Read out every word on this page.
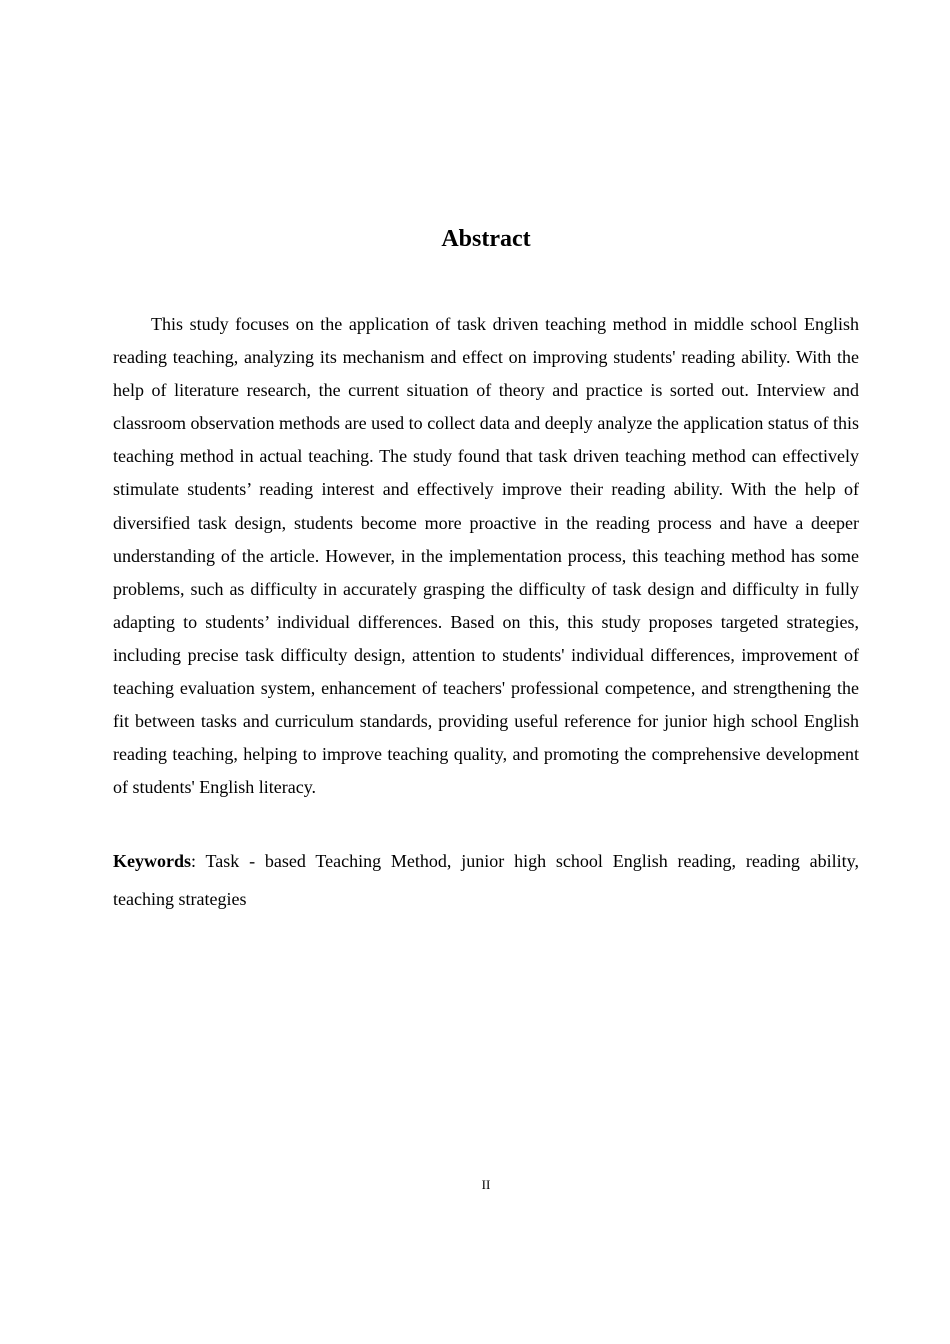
Abstract

This study focuses on the application of task driven teaching method in middle school English reading teaching, analyzing its mechanism and effect on improving students' reading ability. With the help of literature research, the current situation of theory and practice is sorted out. Interview and classroom observation methods are used to collect data and deeply analyze the application status of this teaching method in actual teaching. The study found that task driven teaching method can effectively stimulate students’ reading interest and effectively improve their reading ability. With the help of diversified task design, students become more proactive in the reading process and have a deeper understanding of the article. However, in the implementation process, this teaching method has some problems, such as difficulty in accurately grasping the difficulty of task design and difficulty in fully adapting to students’ individual differences. Based on this, this study proposes targeted strategies, including precise task difficulty design, attention to students' individual differences, improvement of teaching evaluation system, enhancement of teachers' professional competence, and strengthening the fit between tasks and curriculum standards, providing useful reference for junior high school English reading teaching, helping to improve teaching quality, and promoting the comprehensive development of students' English literacy.

Keywords: Task - based Teaching Method, junior high school English reading, reading ability, teaching strategies

II
